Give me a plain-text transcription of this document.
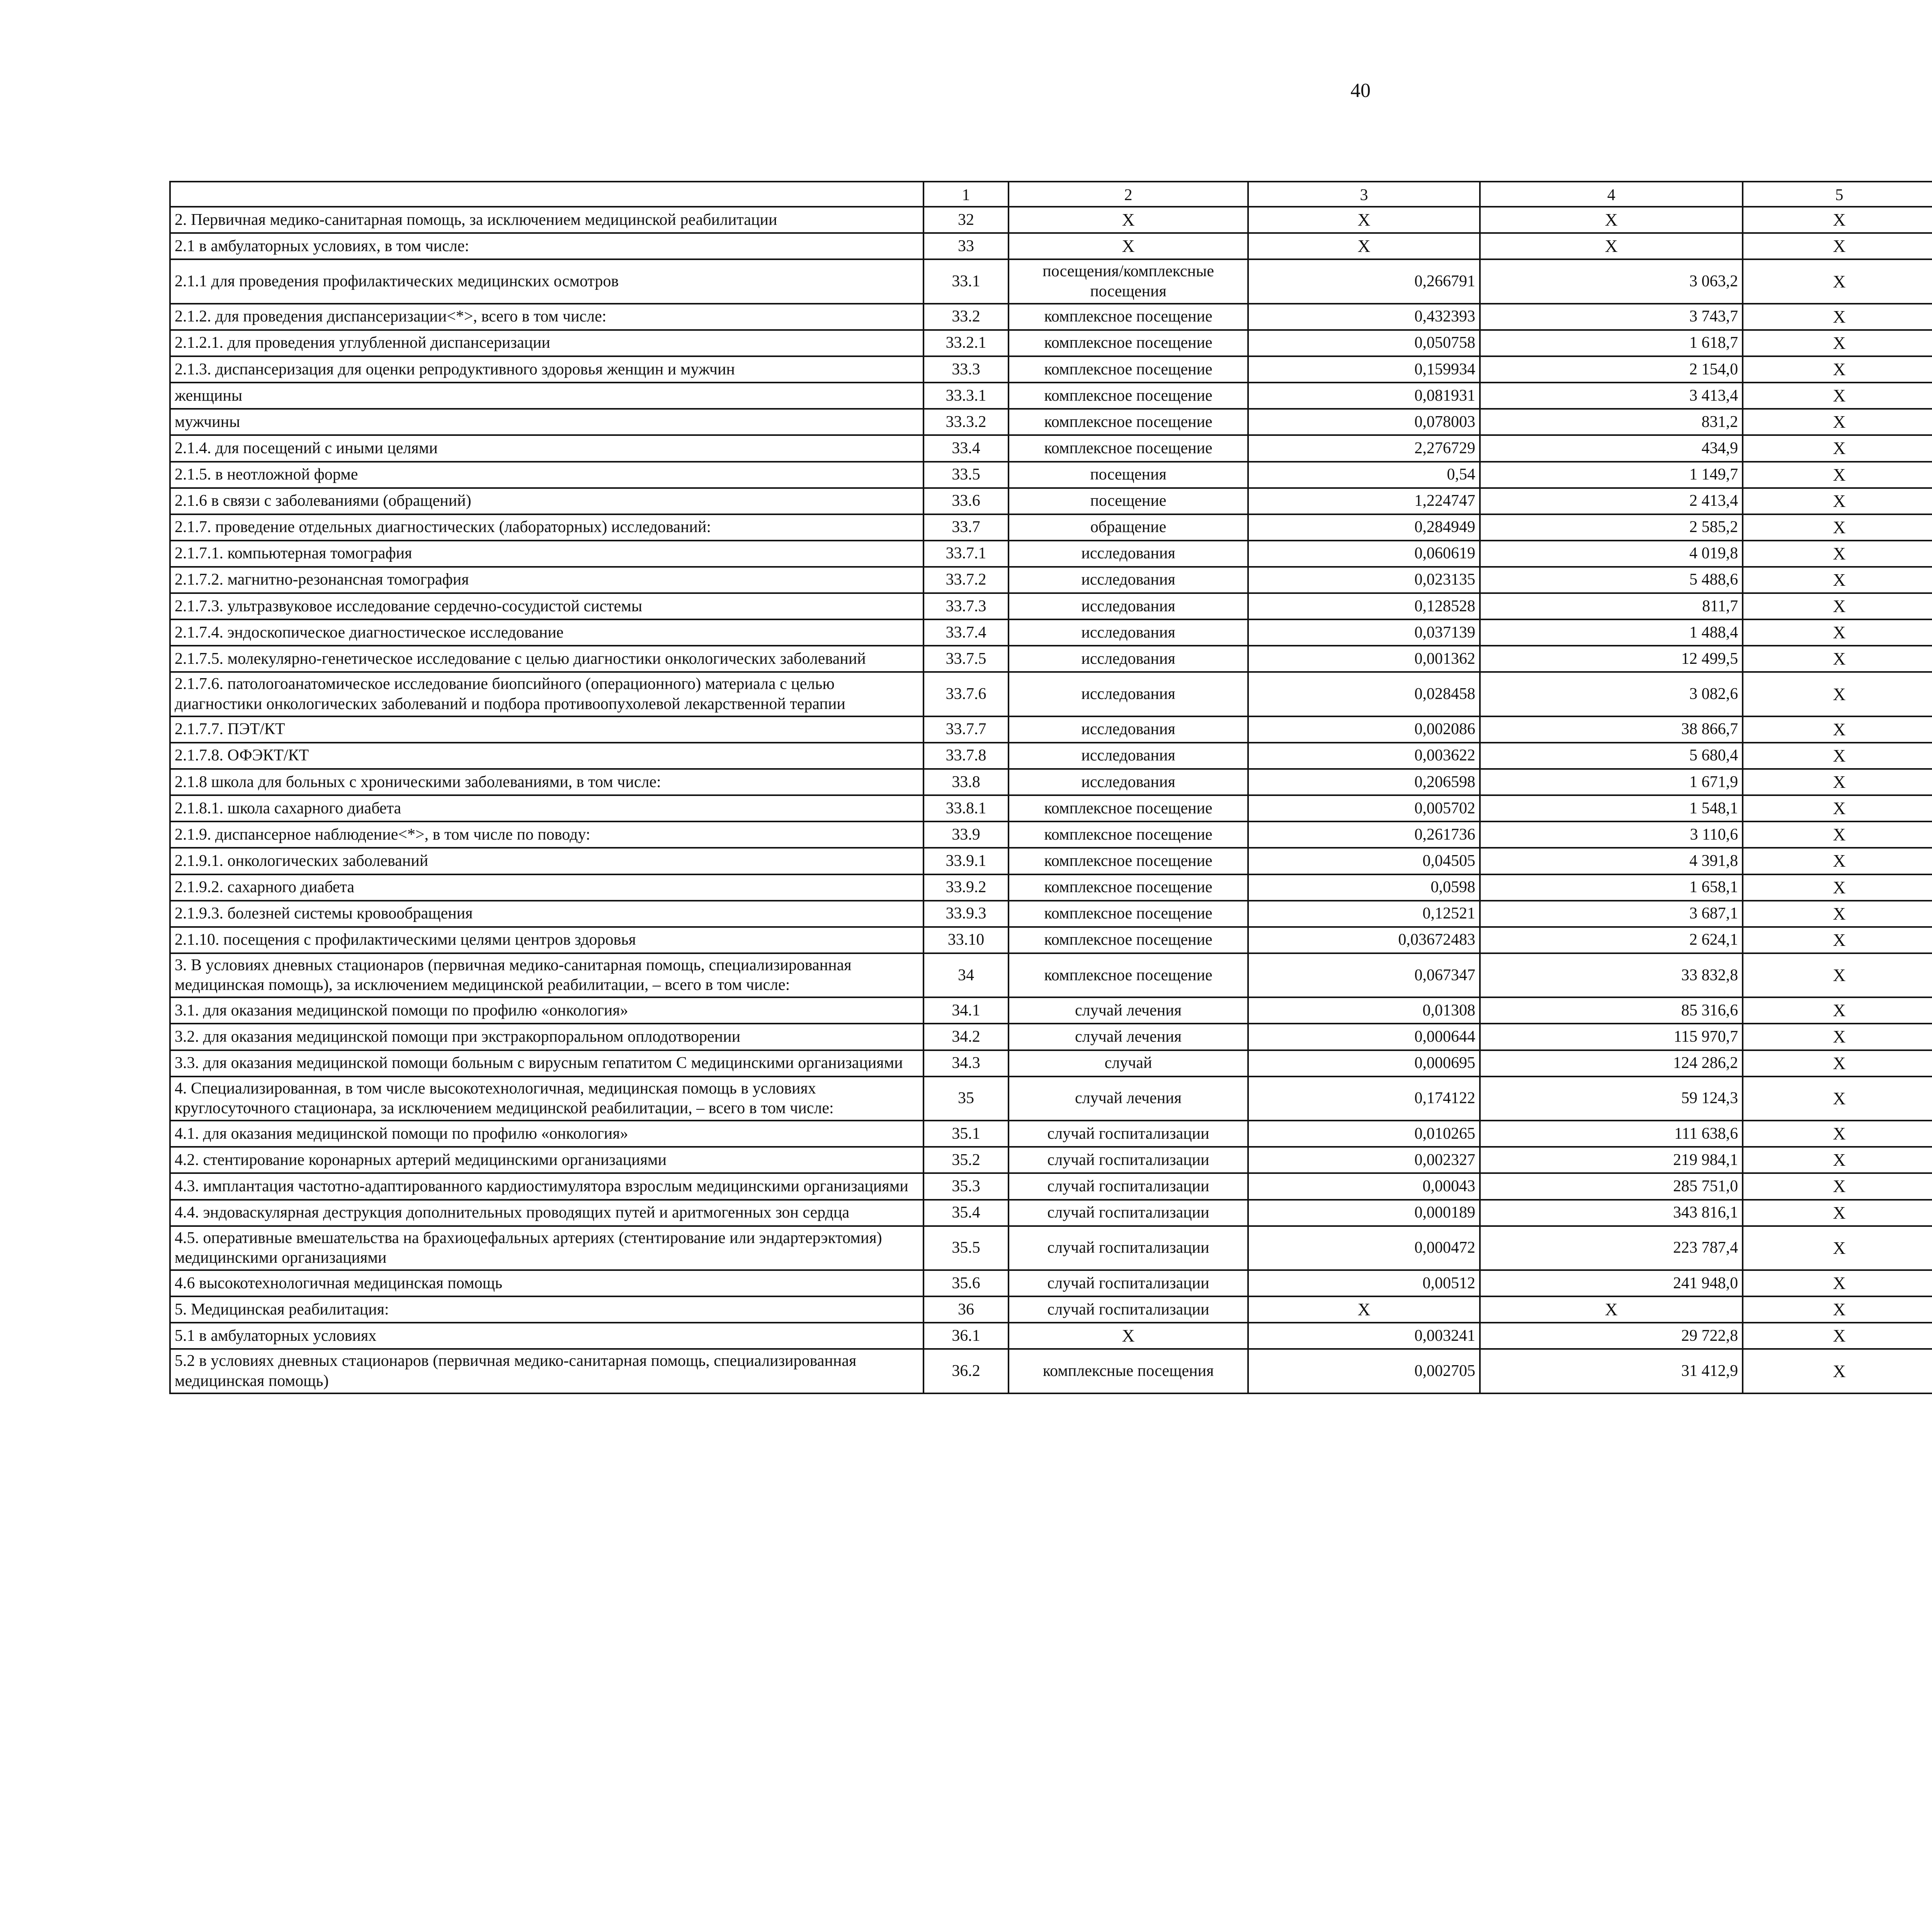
40
	1	2	3	4	5				
2. Первичная медико-санитарная помощь, за исключением медицинской реабилитации	32	X	X	X	X				
2.1 в амбулаторных условиях, в том числе:	33	X	X	X	X				
2.1.1 для проведения профилактических медицинских осмотров	33.1	посещения/комплексные посещения	0,266791	3 063,2	X				
2.1.2. для проведения диспансеризации<*>, всего в том числе:	33.2	комплексное посещение	0,432393	3 743,7	X				
2.1.2.1. для проведения углубленной диспансеризации	33.2.1	комплексное посещение	0,050758	1 618,7	X				
2.1.3. диспансеризация для оценки репродуктивного здоровья женщин и мужчин	33.3	комплексное посещение	0,159934	2 154,0	X				
женщины	33.3.1	комплексное посещение	0,081931	3 413,4	X				
мужчины	33.3.2	комплексное посещение	0,078003	831,2	X				
2.1.4. для посещений с иными целями	33.4	комплексное посещение	2,276729	434,9	X				
2.1.5. в неотложной форме	33.5	посещения	0,54	1 149,7	X				
2.1.6 в связи с заболеваниями (обращений)	33.6	посещение	1,224747	2 413,4	X				
2.1.7. проведение отдельных диагностических (лабораторных) исследований:	33.7	обращение	0,284949	2 585,2	X				
2.1.7.1. компьютерная томография	33.7.1	исследования	0,060619	4 019,8	X				
2.1.7.2. магнитно-резонансная томография	33.7.2	исследования	0,023135	5 488,6	X				
2.1.7.3. ультразвуковое исследование сердечно-сосудистой системы	33.7.3	исследования	0,128528	811,7	X				
2.1.7.4. эндоскопическое диагностическое исследование	33.7.4	исследования	0,037139	1 488,4	X				
2.1.7.5. молекулярно-генетическое исследование с целью диагностики онкологических заболеваний	33.7.5	исследования	0,001362	12 499,5	X				
2.1.7.6. патологоанатомическое исследование биопсийного (операционного) материала с целью диагностики онкологических заболеваний и подбора противоопухолевой лекарственной терапии	33.7.6	исследования	0,028458	3 082,6	X				
2.1.7.7. ПЭТ/КТ	33.7.7	исследования	0,002086	38 866,7	X				
2.1.7.8. ОФЭКТ/КТ	33.7.8	исследования	0,003622	5 680,4	X				
2.1.8 школа для больных с хроническими заболеваниями, в том числе:	33.8	исследования	0,206598	1 671,9	X				
2.1.8.1. школа сахарного диабета	33.8.1	комплексное посещение	0,005702	1 548,1	X				
2.1.9. диспансерное наблюдение<*>, в том числе по поводу:	33.9	комплексное посещение	0,261736	3 110,6	X				
2.1.9.1. онкологических заболеваний	33.9.1	комплексное посещение	0,04505	4 391,8	X				
2.1.9.2. сахарного диабета	33.9.2	комплексное посещение	0,0598	1 658,1	X				
2.1.9.3. болезней системы кровообращения	33.9.3	комплексное посещение	0,12521	3 687,1	X				
2.1.10. посещения с профилактическими целями центров здоровья	33.10	комплексное посещение	0,03672483	2 624,1	X				
3. В условиях дневных стационаров (первичная медико-санитарная помощь, специализированная медицинская помощь), за исключением медицинской реабилитации, – всего в том числе:	34	комплексное посещение	0,067347	33 832,8	X				
3.1. для оказания медицинской помощи по профилю «онкология»	34.1	случай лечения	0,01308	85 316,6	X				
3.2. для оказания медицинской помощи при экстракорпоральном оплодотворении	34.2	случай лечения	0,000644	115 970,7	X				
3.3. для оказания медицинской помощи больным с вирусным гепатитом С медицинскими организациями	34.3	случай	0,000695	124 286,2	X				
4. Специализированная, в том числе высокотехнологичная, медицинская помощь в условиях круглосуточного стационара, за исключением медицинской реабилитации, – всего в том числе:	35	случай лечения	0,174122	59 124,3	X				
4.1. для оказания медицинской помощи по профилю «онкология»	35.1	случай госпитализации	0,010265	111 638,6	X				
4.2. стентирование коронарных артерий медицинскими организациями	35.2	случай госпитализации	0,002327	219 984,1	X				
4.3. имплантация частотно-адаптированного кардиостимулятора взрослым медицинскими организациями	35.3	случай госпитализации	0,00043	285 751,0	X				
4.4. эндоваскулярная деструкция дополнительных проводящих путей и аритмогенных зон сердца	35.4	случай госпитализации	0,000189	343 816,1	X				
4.5. оперативные вмешательства на брахиоцефальных артериях (стентирование или эндартерэктомия) медицинскими организациями	35.5	случай госпитализации	0,000472	223 787,4	X				
4.6 высокотехнологичная медицинская помощь	35.6	случай госпитализации	0,00512	241 948,0	X				
5. Медицинская реабилитация:	36	случай госпитализации	X	X	X				
5.1 в амбулаторных условиях	36.1	X	0,003241	29 722,8	X				
5.2 в условиях дневных стационаров (первичная медико-санитарная помощь, специализированная медицинская помощь)	36.2	комплексные посещения	0,002705	31 412,9	X				
